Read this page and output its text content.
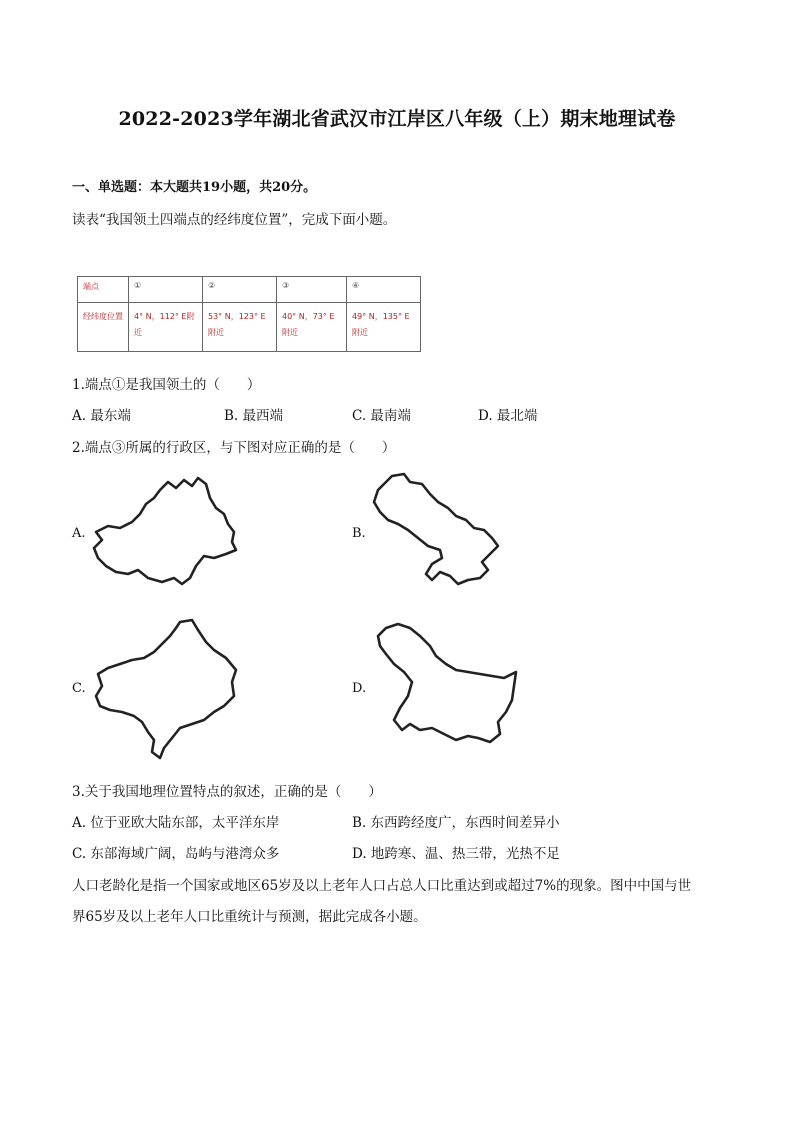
2022-2023学年湖北省武汉市江岸区八年级（上）期末地理试卷
一、单选题：本大题共19小题，共20分。
读表“我国领土四端点的经纬度位置”，完成下面小题。
端点	①	②	③	④
经纬度位置	4° N，112° E附近	53° N，123° E附近	40° N，73° E附近	49° N，135° E附近
1.端点①是我国领土的（　　）
A. 最东端	B. 最西端	C. 最南端	D. 最北端
2.端点③所属的行政区，与下图对应正确的是（　　）
A.	B.
C.	D.
3.关于我国地理位置特点的叙述，正确的是（　　）
A. 位于亚欧大陆东部，太平洋东岸	B. 东西跨经度广，东西时间差异小
C. 东部海域广阔，岛屿与港湾众多	D. 地跨寒、温、热三带，光热不足
人口老龄化是指一个国家或地区65岁及以上老年人口占总人口比重达到或超过7%的现象。图中中国与世
界65岁及以上老年人口比重统计与预测，据此完成各小题。
